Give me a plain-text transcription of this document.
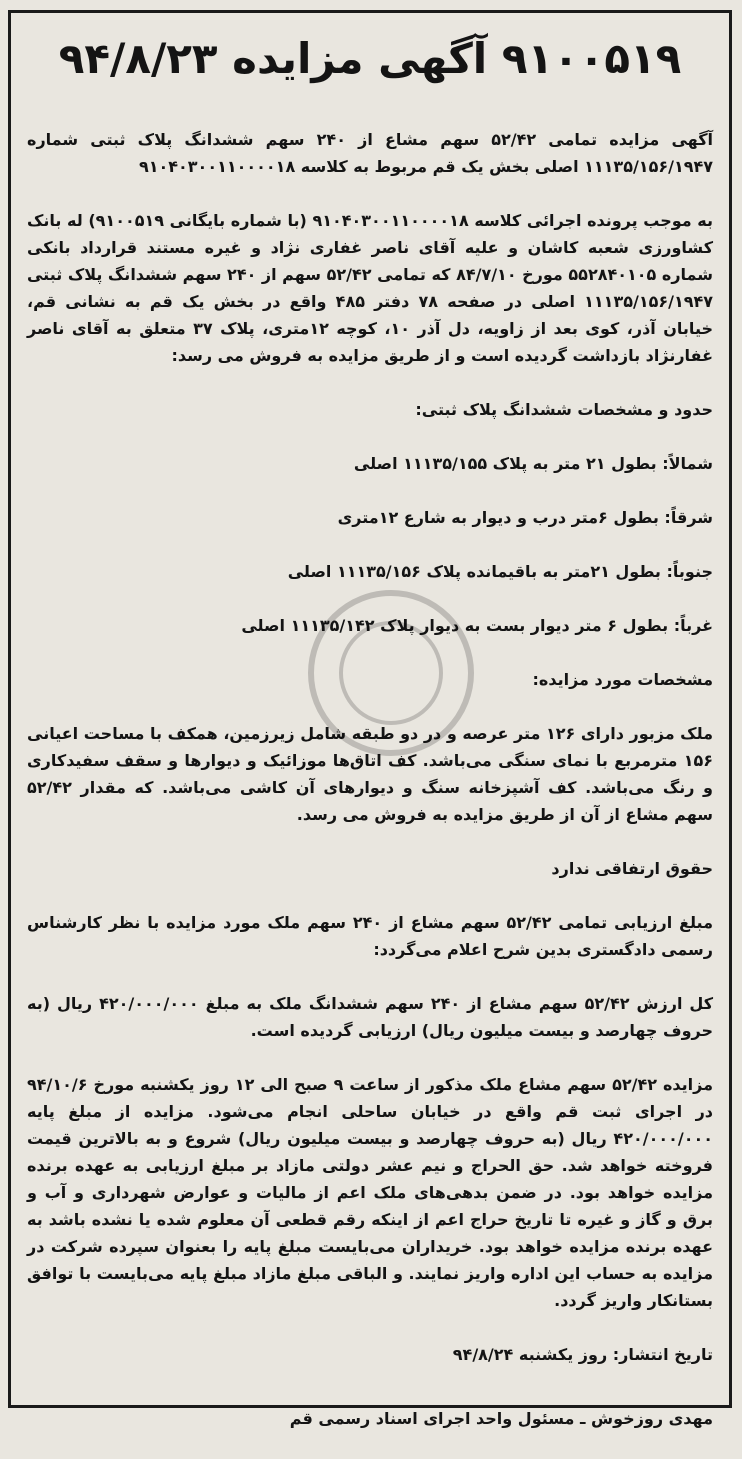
۹۱۰۰۵۱۹ آگهی مزایده ۹۴/۸/۲۳

آگهی مزایده تمامی ۵۲/۴۲ سهم مشاع از ۲۴۰ سهم ششدانگ پلاک ثبتی شماره ۱۱۱۳۵/۱۵۶/۱۹۴۷ اصلی بخش یک قم مربوط به کلاسه ۹۱۰۴۰۳۰۰۱۱۰۰۰۰۱۸

به موجب پرونده اجرائی کلاسه ۹۱۰۴۰۳۰۰۱۱۰۰۰۰۱۸ (با شماره بایگانی ۹۱۰۰۵۱۹) له بانک کشاورزی شعبه کاشان و علیه آقای ناصر غفاری نژاد و غیره مستند قرارداد بانکی شماره ۵۵۲۸۴۰۱۰۵ مورخ ۸۴/۷/۱۰ که تمامی ۵۲/۴۲ سهم از ۲۴۰ سهم ششدانگ پلاک ثبتی ۱۱۱۳۵/۱۵۶/۱۹۴۷ اصلی در صفحه ۷۸ دفتر ۴۸۵ واقع در بخش یک قم به نشانی قم، خیابان آذر، کوی بعد از زاویه، دل آذر ۱۰، کوچه ۱۲متری، پلاک ۳۷ متعلق به آقای ناصر غفارنژاد بازداشت گردیده است و از طریق مزایده به فروش می رسد:

حدود و مشخصات ششدانگ پلاک ثبتی:

شمالاً: بطول ۲۱ متر به پلاک ۱۱۱۳۵/۱۵۵ اصلی

شرقاً: بطول ۶متر درب و دیوار به شارع ۱۲متری

جنوباً: بطول ۲۱متر به باقیمانده پلاک ۱۱۱۳۵/۱۵۶ اصلی

غرباً: بطول ۶ متر دیوار بست به دیوار پلاک ۱۱۱۳۵/۱۴۲ اصلی

مشخصات مورد مزایده:

ملک مزبور دارای ۱۲۶ متر عرصه و در دو طبقه شامل زیرزمین، همکف با مساحت اعیانی ۱۵۶ مترمربع با نمای سنگی می‌باشد. کف اتاق‌ها موزائیک و دیوارها و سقف سفیدکاری و رنگ می‌باشد. کف آشپزخانه سنگ و دیوارهای آن کاشی می‌باشد. که مقدار ۵۲/۴۲ سهم مشاع از آن از طریق مزایده به فروش می رسد.

حقوق ارتفاقی ندارد

مبلغ ارزیابی تمامی ۵۲/۴۲ سهم مشاع از ۲۴۰ سهم ملک مورد مزایده با نظر کارشناس رسمی دادگستری بدین شرح اعلام می‌گردد:

کل ارزش ۵۲/۴۲ سهم مشاع از ۲۴۰ سهم ششدانگ ملک به مبلغ ۴۲۰/۰۰۰/۰۰۰ ریال (به حروف چهارصد و بیست میلیون ریال) ارزیابی گردیده است.

مزایده ۵۲/۴۲ سهم مشاع ملک مذکور از ساعت ۹ صبح الی ۱۲ روز یکشنبه مورخ ۹۴/۱۰/۶ در اجرای ثبت قم واقع در خیابان ساحلی انجام می‌شود. مزایده از مبلغ پایه ۴۲۰/۰۰۰/۰۰۰ ریال (به حروف چهارصد و بیست میلیون ریال) شروع و به بالاترین قیمت فروخته خواهد شد. حق الحراج و نیم عشر دولتی مازاد بر مبلغ ارزیابی به عهده برنده مزایده خواهد بود. در ضمن بدهی‌های ملک اعم از مالیات و عوارض شهرداری و آب و برق و گاز و غیره تا تاریخ حراج اعم از اینکه رقم قطعی آن معلوم شده یا نشده باشد به عهده برنده مزایده خواهد بود. خریداران می‌بایست مبلغ پایه را بعنوان سپرده شرکت در مزایده به حساب این اداره واریز نمایند. و الباقی مبلغ مازاد مبلغ پایه می‌بایست با توافق بستانکار واریز گردد.

تاریخ انتشار: روز یکشنبه ۹۴/۸/۲۴

مهدی روزخوش ـ مسئول واحد اجرای اسناد رسمی قم
